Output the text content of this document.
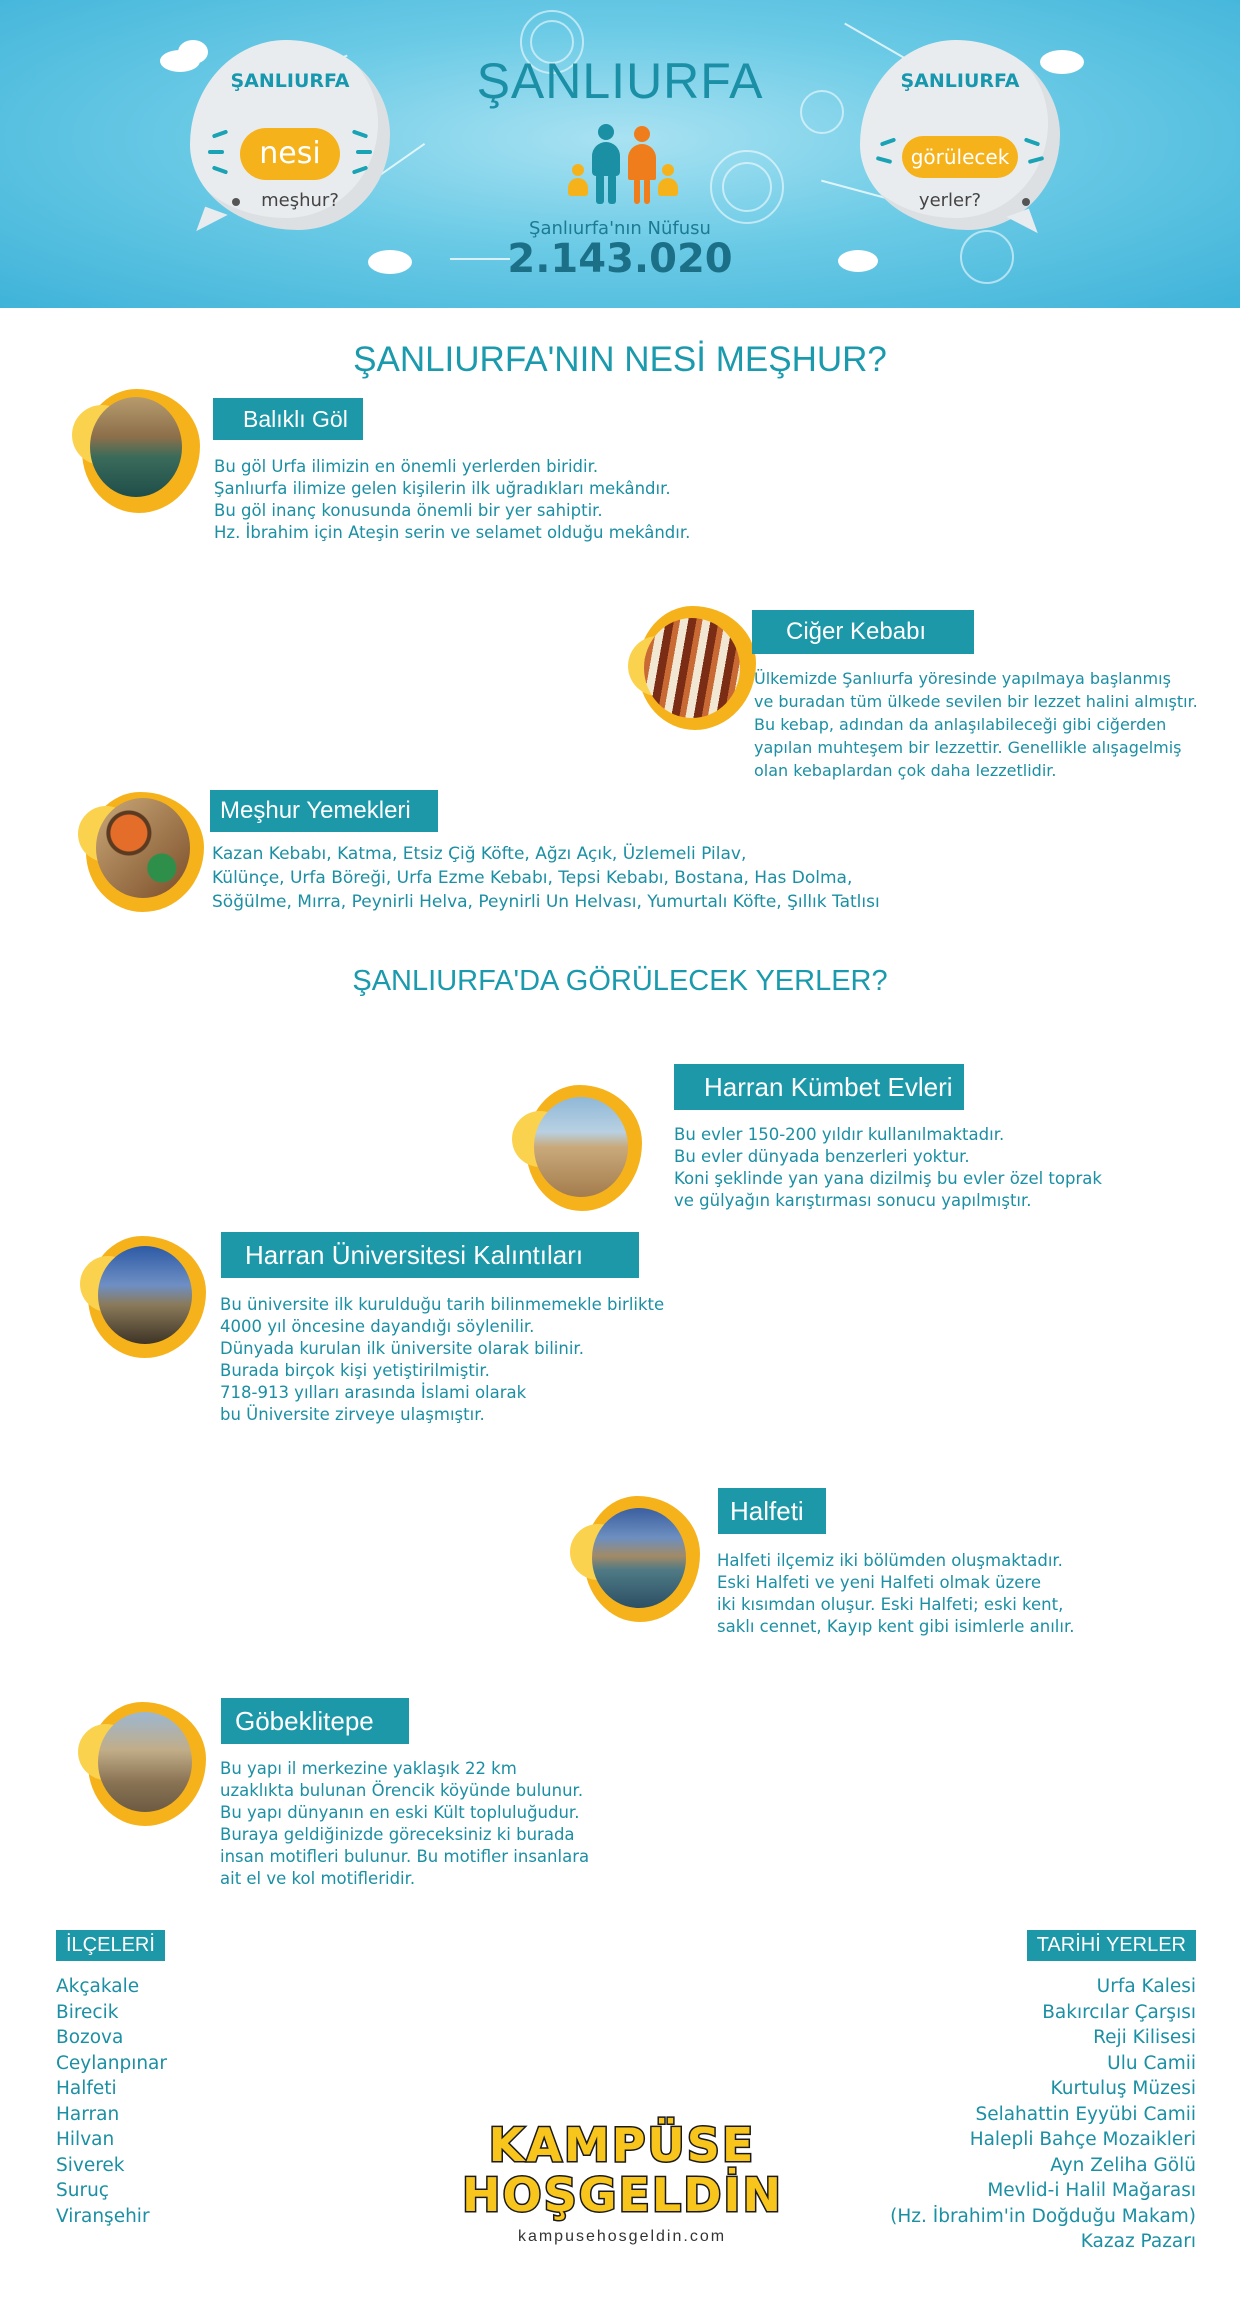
ŞANLIURFA
nesi
meşhur?
ŞANLIURFA
görülecek
yerler?
ŞANLIURFA
Şanlıurfa'nın Nüfusu
2.143.020
ŞANLIURFA'NIN NESİ MEŞHUR?
Balıklı Göl
Bu göl Urfa ilimizin en önemli yerlerden biridir.
Şanlıurfa ilimize gelen kişilerin ilk uğradıkları mekândır.
Bu göl inanç konusunda önemli bir yer sahiptir.
Hz. İbrahim için Ateşin serin ve selamet olduğu mekândır.
Ciğer Kebabı
Ülkemizde Şanlıurfa yöresinde yapılmaya başlanmış
ve buradan tüm ülkede sevilen bir lezzet halini almıştır.
Bu kebap, adından da anlaşılabileceği gibi ciğerden
yapılan muhteşem bir lezzettir. Genellikle alışagelmiş
olan kebaplardan çok daha lezzetlidir.
Meşhur Yemekleri
Kazan Kebabı, Katma, Etsiz Çiğ Köfte, Ağzı Açık, Üzlemeli Pilav,
Külünçe, Urfa Böreği, Urfa Ezme Kebabı, Tepsi Kebabı, Bostana, Has Dolma,
Söğülme, Mırra, Peynirli Helva, Peynirli Un Helvası, Yumurtalı Köfte, Şıllık Tatlısı
ŞANLIURFA'DA GÖRÜLECEK YERLER?
Harran Kümbet Evleri
Bu evler 150-200 yıldır kullanılmaktadır.
Bu evler dünyada benzerleri yoktur.
Koni şeklinde yan yana dizilmiş bu evler özel toprak
ve gülyağın karıştırması sonucu yapılmıştır.
Harran Üniversitesi Kalıntıları
Bu üniversite ilk kurulduğu tarih bilinmemekle birlikte
4000 yıl öncesine dayandığı söylenilir.
Dünyada kurulan ilk üniversite olarak bilinir.
Burada birçok kişi yetiştirilmiştir.
718-913 yılları arasında İslami olarak
bu Üniversite zirveye ulaşmıştır.
Halfeti
Halfeti ilçemiz iki bölümden oluşmaktadır.
Eski Halfeti ve yeni Halfeti olmak üzere
iki kısımdan oluşur. Eski Halfeti; eski kent,
saklı cennet, Kayıp kent gibi isimlerle anılır.
Göbeklitepe
Bu yapı il merkezine yaklaşık 22 km
uzaklıkta bulunan Örencik köyünde bulunur.
Bu yapı dünyanın en eski Kült topluluğudur.
Buraya geldiğinizde göreceksiniz ki burada
insan motifleri bulunur. Bu motifler insanlara
ait el ve kol motifleridir.
İLÇELERİ
Akçakale
Birecik
Bozova
Ceylanpınar
Halfeti
Harran
Hilvan
Siverek
Suruç
Viranşehir
TARİHİ YERLER
Urfa Kalesi
Bakırcılar Çarşısı
Reji Kilisesi
Ulu Camii
Kurtuluş Müzesi
Selahattin Eyyübi Camii
Halepli Bahçe Mozaikleri
Ayn Zeliha Gölü
Mevlid-i Halil Mağarası
(Hz. İbrahim'in Doğduğu Makam)
Kazaz Pazarı
KAMPÜSE
HOŞGELDİN
kampusehosgeldin.com
